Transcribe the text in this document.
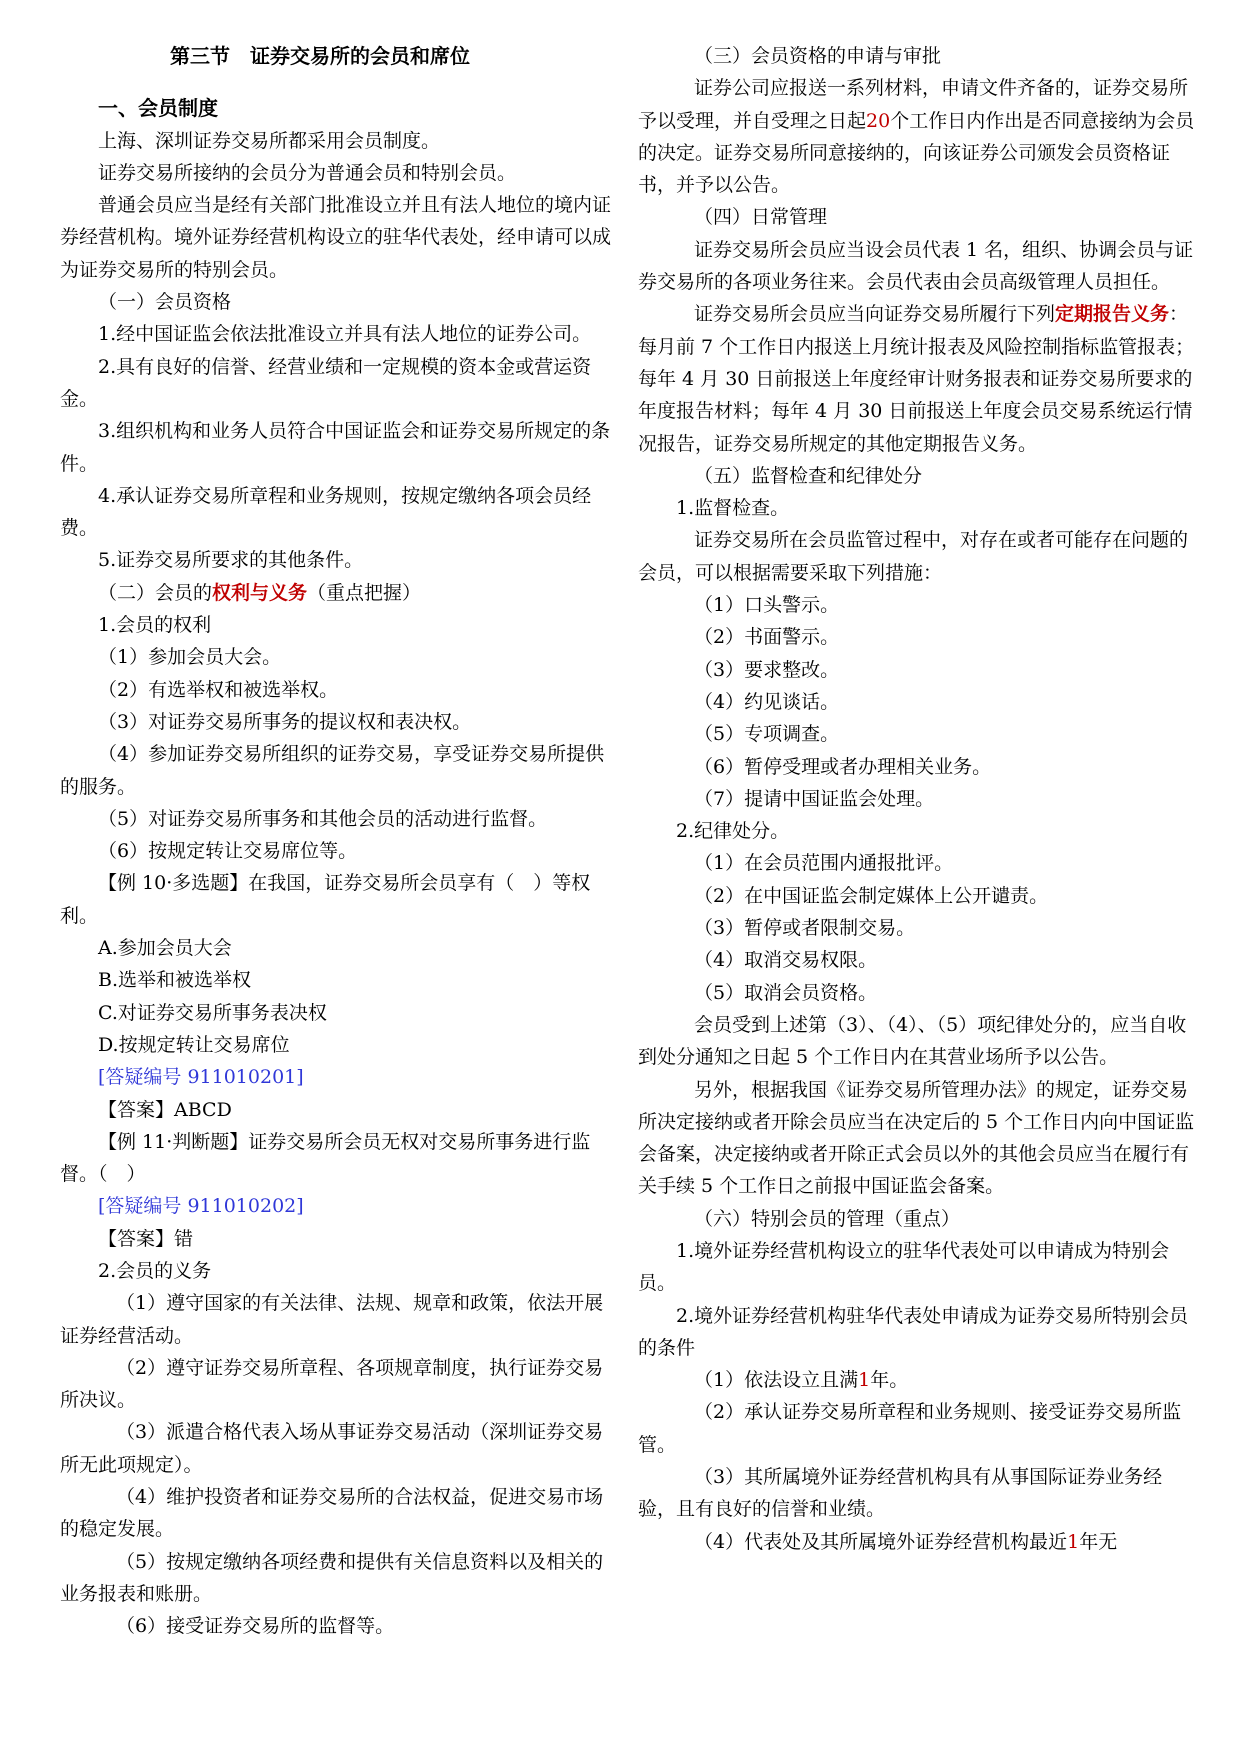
第三节　证券交易所的会员和席位

一、会员制度

上海、深圳证券交易所都采用会员制度。

证券交易所接纳的会员分为普通会员和特别会员。

普通会员应当是经有关部门批准设立并且有法人地位的境内证券经营机构。境外证券经营机构设立的驻华代表处，经申请可以成为证券交易所的特别会员。

（一）会员资格

1.经中国证监会依法批准设立并具有法人地位的证券公司。

2.具有良好的信誉、经营业绩和一定规模的资本金或营运资金。

3.组织机构和业务人员符合中国证监会和证券交易所规定的条件。

4.承认证券交易所章程和业务规则，按规定缴纳各项会员经费。

5.证券交易所要求的其他条件。

（二）会员的权利与义务（重点把握）

1.会员的权利

（1）参加会员大会。

（2）有选举权和被选举权。

（3）对证券交易所事务的提议权和表决权。

（4）参加证券交易所组织的证券交易，享受证券交易所提供的服务。

（5）对证券交易所事务和其他会员的活动进行监督。

（6）按规定转让交易席位等。

【例 10·多选题】在我国，证券交易所会员享有（　）等权利。

A.参加会员大会

B.选举和被选举权

C.对证券交易所事务表决权

D.按规定转让交易席位

[答疑编号 911010201]

【答案】ABCD

【例 11·判断题】证券交易所会员无权对交易所事务进行监督。（　）

[答疑编号 911010202]

【答案】错

2.会员的义务

（1）遵守国家的有关法律、法规、规章和政策，依法开展证券经营活动。

（2）遵守证券交易所章程、各项规章制度，执行证券交易所决议。

（3）派遣合格代表入场从事证券交易活动（深圳证券交易所无此项规定）。

（4）维护投资者和证券交易所的合法权益，促进交易市场的稳定发展。

（5）按规定缴纳各项经费和提供有关信息资料以及相关的业务报表和账册。

（6）接受证券交易所的监督等。

（三）会员资格的申请与审批

证券公司应报送一系列材料，申请文件齐备的，证券交易所予以受理，并自受理之日起20个工作日内作出是否同意接纳为会员的决定。证券交易所同意接纳的，向该证券公司颁发会员资格证书，并予以公告。

（四）日常管理

证券交易所会员应当设会员代表 1 名，组织、协调会员与证券交易所的各项业务往来。会员代表由会员高级管理人员担任。

证券交易所会员应当向证券交易所履行下列定期报告义务：每月前 7 个工作日内报送上月统计报表及风险控制指标监管报表；每年 4 月 30 日前报送上年度经审计财务报表和证券交易所要求的年度报告材料；每年 4 月 30 日前报送上年度会员交易系统运行情况报告，证券交易所规定的其他定期报告义务。

（五）监督检查和纪律处分

1.监督检查。

证券交易所在会员监管过程中，对存在或者可能存在问题的会员，可以根据需要采取下列措施：

（1）口头警示。

（2）书面警示。

（3）要求整改。

（4）约见谈话。

（5）专项调查。

（6）暂停受理或者办理相关业务。

（7）提请中国证监会处理。

2.纪律处分。

（1）在会员范围内通报批评。

（2）在中国证监会制定媒体上公开谴责。

（3）暂停或者限制交易。

（4）取消交易权限。

（5）取消会员资格。

会员受到上述第（3）、（4）、（5）项纪律处分的，应当自收到处分通知之日起 5 个工作日内在其营业场所予以公告。

另外，根据我国《证券交易所管理办法》的规定，证券交易所决定接纳或者开除会员应当在决定后的 5 个工作日内向中国证监会备案，决定接纳或者开除正式会员以外的其他会员应当在履行有关手续 5 个工作日之前报中国证监会备案。

（六）特别会员的管理（重点）

1.境外证券经营机构设立的驻华代表处可以申请成为特别会员。

2.境外证券经营机构驻华代表处申请成为证券交易所特别会员的条件

（1）依法设立且满1年。

（2）承认证券交易所章程和业务规则、接受证券交易所监管。

（3）其所属境外证券经营机构具有从事国际证券业务经验，且有良好的信誉和业绩。

（4）代表处及其所属境外证券经营机构最近1年无
